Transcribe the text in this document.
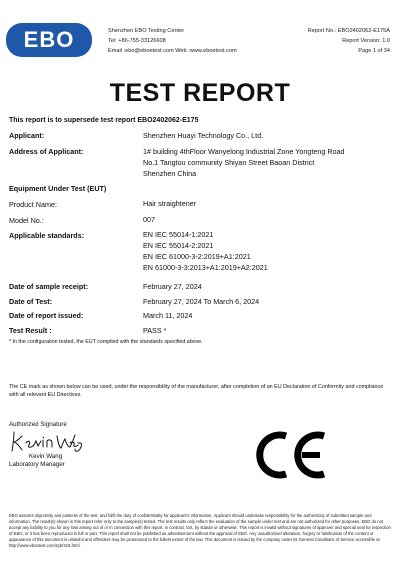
EBO	Shenzhen EBO Testing Center
Tel: +86-755-33126608
Email :ebo@eboetest.com Web :www.eboetest.com
Report No.: EBO2402062-E175A
Report Version: 1.0
Page 1 of 34
TEST REPORT
This report is to supersede test report EBO2402062-E175
Applicant:	Shenzhen Huayi Technology Co., Ltd.
Address of Applicant:	1# building 4thFloor Wanyelong Industrial Zone Yongteng Road
No.1 Tangtou community Shiyan Street Baoan District
Shenzhen China
Equipment Under Test (EUT)
Product Name:	Hair straightener
Model No.:	007
Applicable standards:	EN IEC 55014-1:2021
EN IEC 55014-2:2021
EN IEC 61000-3-2:2019+A1:2021
EN 61000-3-3:2013+A1:2019+A2:2021
Date of sample receipt:	February 27, 2024
Date of Test:	February 27, 2024 To March 6, 2024
Date of report issued:	March 11, 2024
Test Result :	PASS *
* In the configuration tested, the EUT complied with the standards specified above.
The CE mark as shown below can be used, under the responsibility of the manufacturer, after completion of an EU Declaration of Conformity and compliance with all relevant EU Directives.
Authorized Signature
Kevin Wang
Laboratory Manager
EBO assures objectivity and justness of the test, and fulfil the duty of confidentiality for applicant's information. Applicant should undertake responsibility for the authenticity of submitted sample and information. The result(s) shown in this report refer only to the sample(s) tested. The test results only reflect the evaluation of the sample under test and are not authorized for other purposes. EBO do not accept any liability to you for any loss arising out of or in connection with this report, in contract, tort, by statute or otherwise. This report is invalid without signatures of approver and special seal for inspection of EBO, or it has been reproduced in full or part. This report shall not be published as advertisement without the approval of EBO. Any unauthorized alteration, forgery or falsification of the content or appearance of this document is unlawful and offenders may be prosecuted to the fullest extent of the law. This document is issued by the company under its General Conditions of Service accessible at http://www.eboetest.com/zyb/316.html.
